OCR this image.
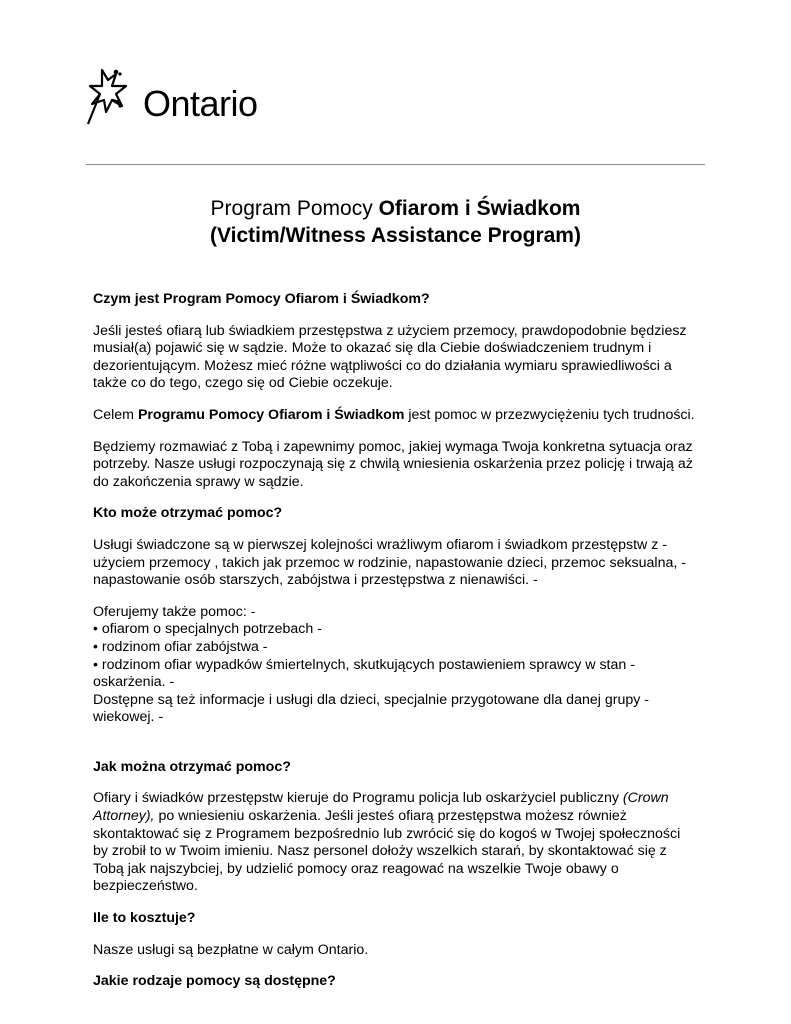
Ontario
Program Pomocy Ofiarom i Świadkom
(Victim/Witness Assistance Program)

Czym jest Program Pomocy Ofiarom i Świadkom?

Jeśli jesteś ofiarą lub świadkiem przestępstwa z użyciem przemocy, prawdopodobnie będziesz

musiał(a) pojawić się w sądzie. Może to okazać się dla Ciebie doświadczeniem trudnym i

dezorientującym. Możesz mieć różne wątpliwości co do działania wymiaru sprawiedliwości a

także co do tego, czego się od Ciebie oczekuje.

Celem Programu Pomocy Ofiarom i Świadkom jest pomoc w przezwyciężeniu tych trudności.

Będziemy rozmawiać z Tobą i zapewnimy pomoc, jakiej wymaga Twoja konkretna sytuacja oraz

potrzeby. Nasze usługi rozpoczynają się z chwilą wniesienia oskarżenia przez policję i trwają aż

do zakończenia sprawy w sądzie.

Kto może otrzymać pomoc?

Usługi świadczone są w pierwszej kolejności wrażliwym ofiarom i świadkom przestępstw z -

użyciem przemocy , takich jak przemoc w rodzinie, napastowanie dzieci, przemoc seksualna, -

napastowanie osób starszych, zabójstwa i przestępstwa z nienawiści. -

Oferujemy także pomoc: -

• ofiarom o specjalnych potrzebach -

• rodzinom ofiar zabójstwa -

• rodzinom ofiar wypadków śmiertelnych, skutkujących postawieniem sprawcy w stan -

oskarżenia. -

Dostępne są też informacje i usługi dla dzieci, specjalnie przygotowane dla danej grupy -

wiekowej. -

Jak można otrzymać pomoc?

Ofiary i świadków przestępstw kieruje do Programu policja lub oskarżyciel publiczny (Crown

Attorney), po wniesieniu oskarżenia. Jeśli jesteś ofiarą przestępstwa możesz również

skontaktować się z Programem bezpośrednio lub zwrócić się do kogoś w Twojej społeczności

by zrobił to w Twoim imieniu. Nasz personel dołoży wszelkich starań, by skontaktować się z

Tobą jak najszybciej, by udzielić pomocy oraz reagować na wszelkie Twoje obawy o

bezpieczeństwo.

Ile to kosztuje?

Nasze usługi są bezpłatne w całym Ontario.

Jakie rodzaje pomocy są dostępne?
